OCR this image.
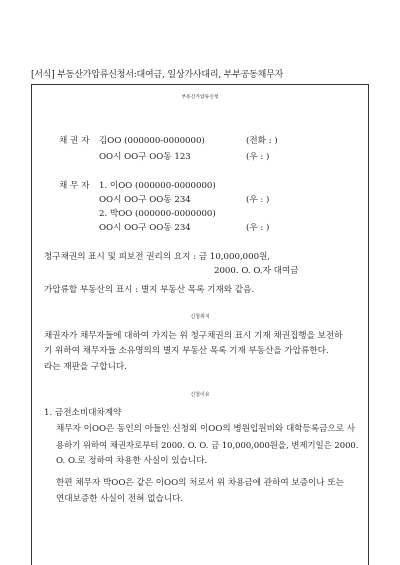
[서식] 부동산가압류신청서:대여금, 일상가사대리, 부부공동채무자
부동산가압류신청
채 권 자 김OO (000000-0000000)	(전화 : )
OO시 OO구 OO동 123	(우 : )
채 무 자 1. 이OO (000000-0000000)
OO시 OO구 OO동 234	(우 : )
2. 박OO (000000-0000000)
OO시 OO구 OO동 234	(우 : )
청구채권의 표시 및 피보전 권리의 요지 : 금 10,000,000원,
2000. O. O.자 대여금
가압류할 부동산의 표시 : 별지 부동산 목록 기재와 같음.
신청취지
채권자가 채무자들에 대하여 가지는 위 청구채권의 표시 기재 채권집행을 보전하
기 위하여 채무자들 소유명의의 별지 부동산 목록 기재 부동산을 가압류한다.
라는 재판을 구합니다.
신청이유
1. 금전소비대차계약
채무자 이OO은 동인의 아들인 신청외 이OO의 병원입원비와 대학등록금으로 사
용하기 위하여 채권자로부터 2000. O. O. 금 10,000,000원을, 변제기일은 2000.
O. O.로 정하여 차용한 사실이 있습니다.
한편 채무자 박OO은 같은 이OO의 처로서 위 차용금에 관하여 보증이나 또는
연대보증한 사실이 전혀 없습니다.
